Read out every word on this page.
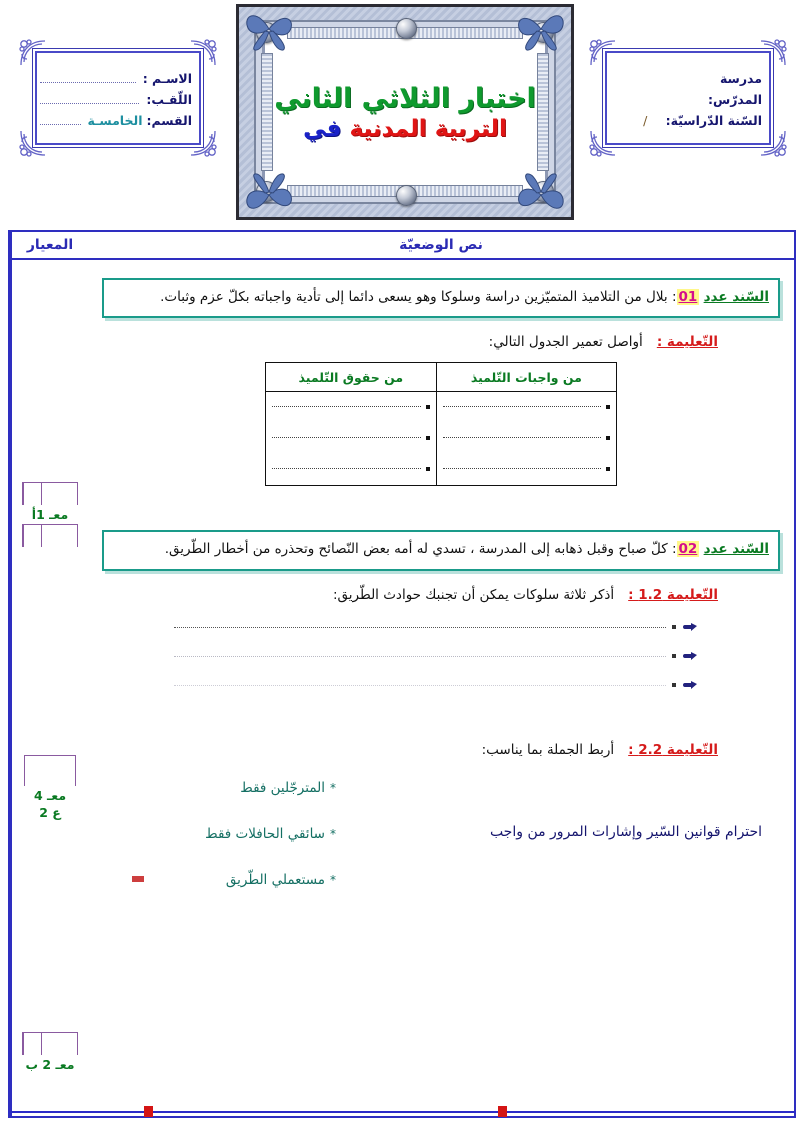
مدرسة
المدرّس:
السّنة الدّراسيّة:
/
اختبار الثلاثي الثاني
التربية المدنية في
الاسـم :
اللّقـب:
القسم:
الخامسـة
نص الوضعيّة
السّند عدد 01: بلال من التلاميذ المتميّزين دراسة وسلوكا وهو يسعى دائما إلى تأدية واجباته بكلّ عزم وثبات.
التّعليمة :
أواصل تعمير الجدول التالي:
من واجبات التّلميذ	من حقوق التّلميذ

السّند عدد 02: كلّ صباح وقبل ذهابه إلى المدرسة ، تسدي له أمه بعض النّصائح وتحذره من أخطار الطّريق.
التّعليمة 1.2 :
أذكر ثلاثة سلوكات يمكن أن تجنبك حوادث الطّريق:
التّعليمة 2.2 :
أربط الجملة بما يناسب:
احترام قوانين السّير وإشارات المرور من واجب
*
المترجّلين فقط
*
سائقي الحافلات فقط
*
مستعملي الطّريق
المعيار
معـ 1أ
معـ 4
ع 2
معـ 2 ب
